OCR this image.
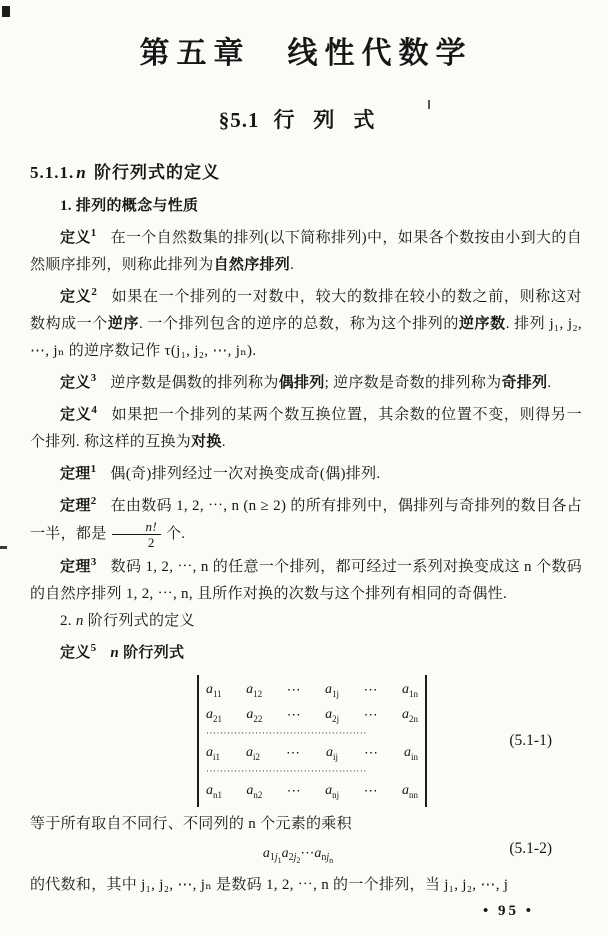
第五章　线性代数学
§5.1 行列式
5.1.1. n 阶行列式的定义

1. 排列的概念与性质

定义$^1$ 在一个自然数集的排列(以下简称排列)中，如果各个数按由小到大的自然顺序排列，则称此排列为自然序排列.

定义$^2$ 如果在一个排列的一对数中，较大的数排在较小的数之前，则称这对数构成一个逆序. 一个排列包含的逆序的总数，称为这个排列的逆序数. 排列 j₁, j₂, ⋯, jₙ 的逆序数记作 τ(j₁, j₂, ⋯, jₙ).

定义$^3$ 逆序数是偶数的排列称为偶排列; 逆序数是奇数的排列称为奇排列.

定义$^4$ 如果把一个排列的某两个数互换位置，其余数的位置不变，则得另一个排列. 称这样的互换为对换.

定理$^1$ 偶(奇)排列经过一次对换变成奇(偶)排列.

定理$^2$ 在由数码 1, 2, ⋯, n (n ≥ 2) 的所有排列中，偶排列与奇排列的数目各占一半，都是 $\frac{n!}{2}$ 个.

定理$^3$ 数码 1, 2, ⋯, n 的任意一个排列，都可经过一系列对换变成这 n 个数码的自然序排列 1, 2, ⋯, n, 且所作对换的次数与这个排列有相同的奇偶性.

2. n 阶行列式的定义

定义$^5$ n 阶行列式

$a_{11}$ $a_{12}$ ⋯ $a_{1j}$ ⋯ $a_{1n}$
$a_{21}$ $a_{22}$ ⋯ $a_{2j}$ ⋯ $a_{2n}$
··············································
$a_{i1}$ $a_{i2}$ ⋯ $a_{ij}$ ⋯ $a_{in}$
··············································
$a_{n1}$ $a_{n2}$ ⋯ $a_{nj}$ ⋯ $a_{nn}$
(5.1-1)

等于所有取自不同行、不同列的 n 个元素的乘积

$a_{1j_1}a_{2j_2}\cdots a_{nj_n}$
(5.1-2)

的代数和，其中 j₁, j₂, ⋯, jₙ 是数码 1, 2, ⋯, n 的一个排列，当 j₁, j₂, ⋯, j

• 95 •
